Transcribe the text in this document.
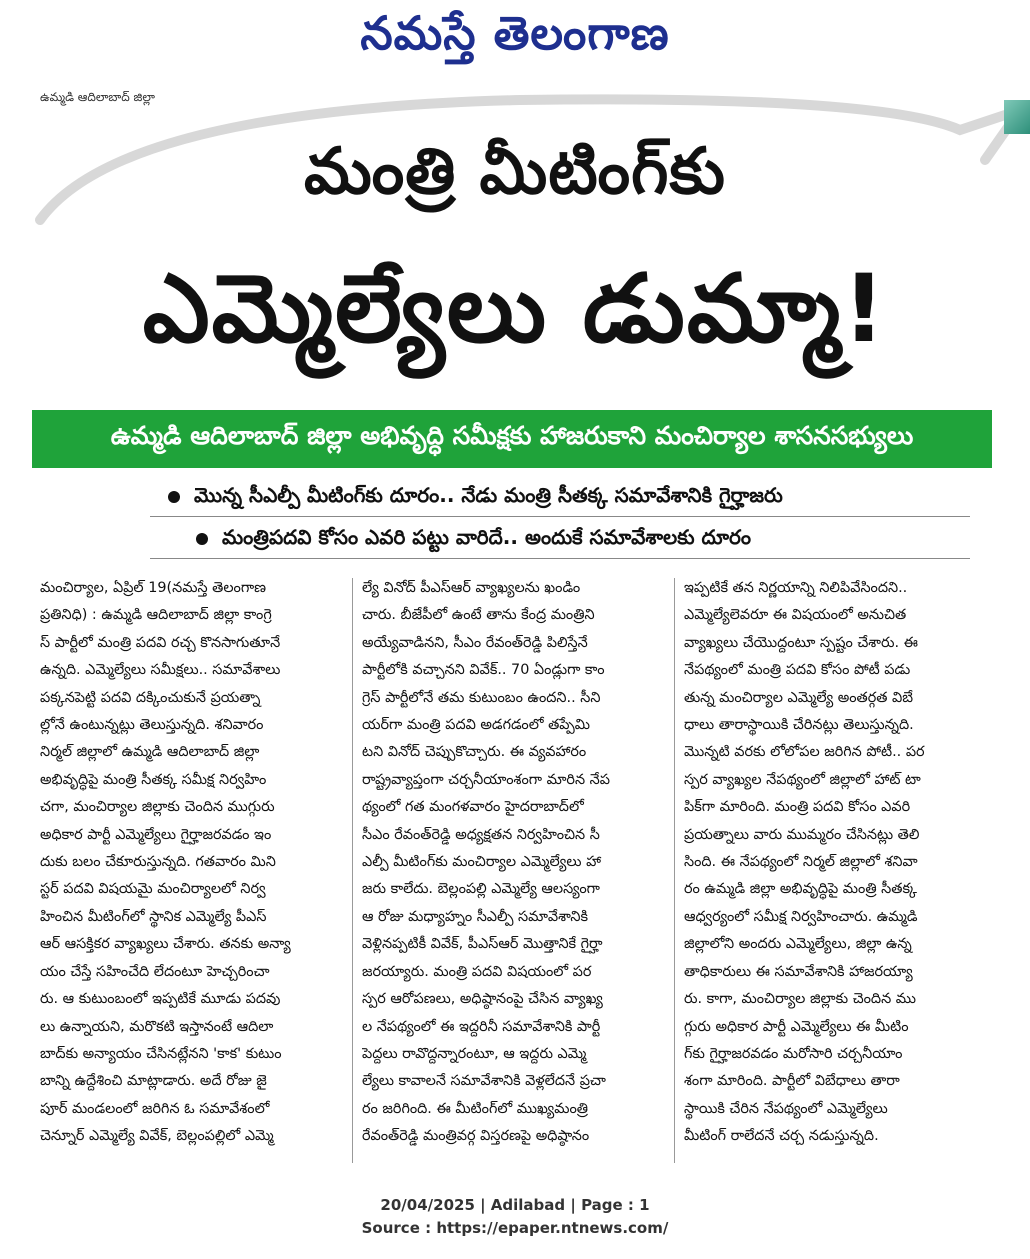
నమస్తే తెలంగాణ
ఉమ్మడి ఆదిలాబాద్ జిల్లా
మంత్రి మీటింగ్‌కు
ఎమ్మెల్యేలు డుమ్మా!
ఉమ్మడి ఆదిలాబాద్ జిల్లా అభివృద్ధి సమీక్షకు హాజరుకాని మంచిర్యాల శాసనసభ్యులు
మొన్న సీఎల్పీ మీటింగ్‌కు దూరం.. నేడు మంత్రి సీతక్క సమావేశానికి గైర్హాజరు
మంత్రిపదవి కోసం ఎవరి పట్టు వారిదే.. అందుకే సమావేశాలకు దూరం
మంచిర్యాల, ఏప్రిల్ 19(నమస్తే తెలంగాణ
ప్రతినిధి) : ఉమ్మడి ఆదిలాబాద్ జిల్లా కాంగ్రె
స్ పార్టీలో మంత్రి పదవి రచ్చ కొనసాగుతూనే
ఉన్నది. ఎమ్మెల్యేలు సమీక్షలు.. సమావేశాలు
పక్కనపెట్టి పదవి దక్కించుకునే ప్రయత్నా
ల్లోనే ఉంటున్నట్లు తెలుస్తున్నది. శనివారం
నిర్మల్ జిల్లాలో ఉమ్మడి ఆదిలాబాద్ జిల్లా
అభివృద్ధిపై మంత్రి సీతక్క సమీక్ష నిర్వహిం
చగా, మంచిర్యాల జిల్లాకు చెందిన ముగ్గురు
అధికార పార్టీ ఎమ్మెల్యేలు గైర్హాజరవడం ఇం
దుకు బలం చేకూరుస్తున్నది. గతవారం మిని
స్టర్ పదవి విషయమై మంచిర్యాలలో నిర్వ
హించిన మీటింగ్‌లో స్థానిక ఎమ్మెల్యే పీఎస్
ఆర్ ఆసక్తికర వ్యాఖ్యలు చేశారు. తనకు అన్యా
యం చేస్తే సహించేది లేదంటూ హెచ్చరించా
రు. ఆ కుటుంబంలో ఇప్పటికే మూడు పదవు
లు ఉన్నాయని, మరొకటి ఇస్తానంటే ఆదిలా
బాద్‌కు అన్యాయం చేసినట్లేనని 'కాక' కుటుం
బాన్ని ఉద్దేశించి మాట్లాడారు. అదే రోజు జై
పూర్ మండలంలో జరిగిన ఓ సమావేశంలో
చెన్నూర్ ఎమ్మెల్యే వివేక్, బెల్లంపల్లిలో ఎమ్మె
ల్యే వినోద్ పీఎస్ఆర్ వ్యాఖ్యలను ఖండిం
చారు. బీజేపీలో ఉంటే తాను కేంద్ర మంత్రిని
అయ్యేవాడినని, సీఎం రేవంత్‌రెడ్డి పిలిస్తేనే
పార్టీలోకి వచ్చానని వివేక్.. 70 ఏండ్లుగా కాం
గ్రెస్ పార్టీలోనే తమ కుటుంబం ఉందని.. సీని
యర్‌గా మంత్రి పదవి అడగడంలో తప్పేమి
టని వినోద్ చెప్పుకొచ్చారు. ఈ వ్యవహారం
రాష్ట్రవ్యాప్తంగా చర్చనీయాంశంగా మారిన నేప
థ్యంలో గత మంగళవారం హైదరాబాద్‌లో
సీఎం రేవంత్‌రెడ్డి అధ్యక్షతన నిర్వహించిన సీ
ఎల్పీ మీటింగ్‌కు మంచిర్యాల ఎమ్మెల్యేలు హా
జరు కాలేదు. బెల్లంపల్లి ఎమ్మెల్యే ఆలస్యంగా
ఆ రోజు మధ్యాహ్నం సీఎల్పీ సమావేశానికి
వెళ్లినప్పటికీ వివేక్, పీఎస్ఆర్ మొత్తానికే గైర్హా
జరయ్యారు. మంత్రి పదవి విషయంలో పర
స్పర ఆరోపణలు, అధిష్ఠానంపై చేసిన వ్యాఖ్య
ల నేపథ్యంలో ఈ ఇద్దరినీ సమావేశానికి పార్టీ
పెద్దలు రావొద్దన్నారంటూ, ఆ ఇద్దరు ఎమ్మె
ల్యేలు కావాలనే సమావేశానికి వెళ్లలేదనే ప్రచా
రం జరిగింది. ఈ మీటింగ్‌లో ముఖ్యమంత్రి
రేవంత్‌రెడ్డి మంత్రివర్గ విస్తరణపై అధిష్ఠానం
ఇప్పటికే తన నిర్ణయాన్ని నిలిపివేసిందని..
ఎమ్మెల్యేలెవరూ ఈ విషయంలో అనుచిత
వ్యాఖ్యలు చేయొద్దంటూ స్పష్టం చేశారు. ఈ
నేపథ్యంలో మంత్రి పదవి కోసం పోటీ పడు
తున్న మంచిర్యాల ఎమ్మెల్యే అంతర్గత విబే
ధాలు తారాస్థాయికి చేరినట్లు తెలుస్తున్నది.
మొన్నటి వరకు లోలోపల జరిగిన పోటీ.. పర
స్పర వ్యాఖ్యల నేపథ్యంలో జిల్లాలో హాట్ టా
పిక్‌గా మారింది. మంత్రి పదవి కోసం ఎవరి
ప్రయత్నాలు వారు ముమ్మరం చేసినట్లు తెలి
సింది. ఈ నేపథ్యంలో నిర్మల్ జిల్లాలో శనివా
రం ఉమ్మడి జిల్లా అభివృద్ధిపై మంత్రి సీతక్క
ఆధ్వర్యంలో సమీక్ష నిర్వహించారు. ఉమ్మడి
జిల్లాలోని అందరు ఎమ్మెల్యేలు, జిల్లా ఉన్న
తాధికారులు ఈ సమావేశానికి హాజరయ్యా
రు. కాగా, మంచిర్యాల జిల్లాకు చెందిన ము
గ్గురు అధికార పార్టీ ఎమ్మెల్యేలు ఈ మీటిం
గ్‌కు గైర్హాజరవడం మరోసారి చర్చనీయాం
శంగా మారింది. పార్టీలో విబేధాలు తారా
స్థాయికి చేరిన నేపథ్యంలో ఎమ్మెల్యేలు
మీటింగ్ రాలేదనే చర్చ నడుస్తున్నది.
20/04/2025 | Adilabad | Page : 1
Source : https://epaper.ntnews.com/
